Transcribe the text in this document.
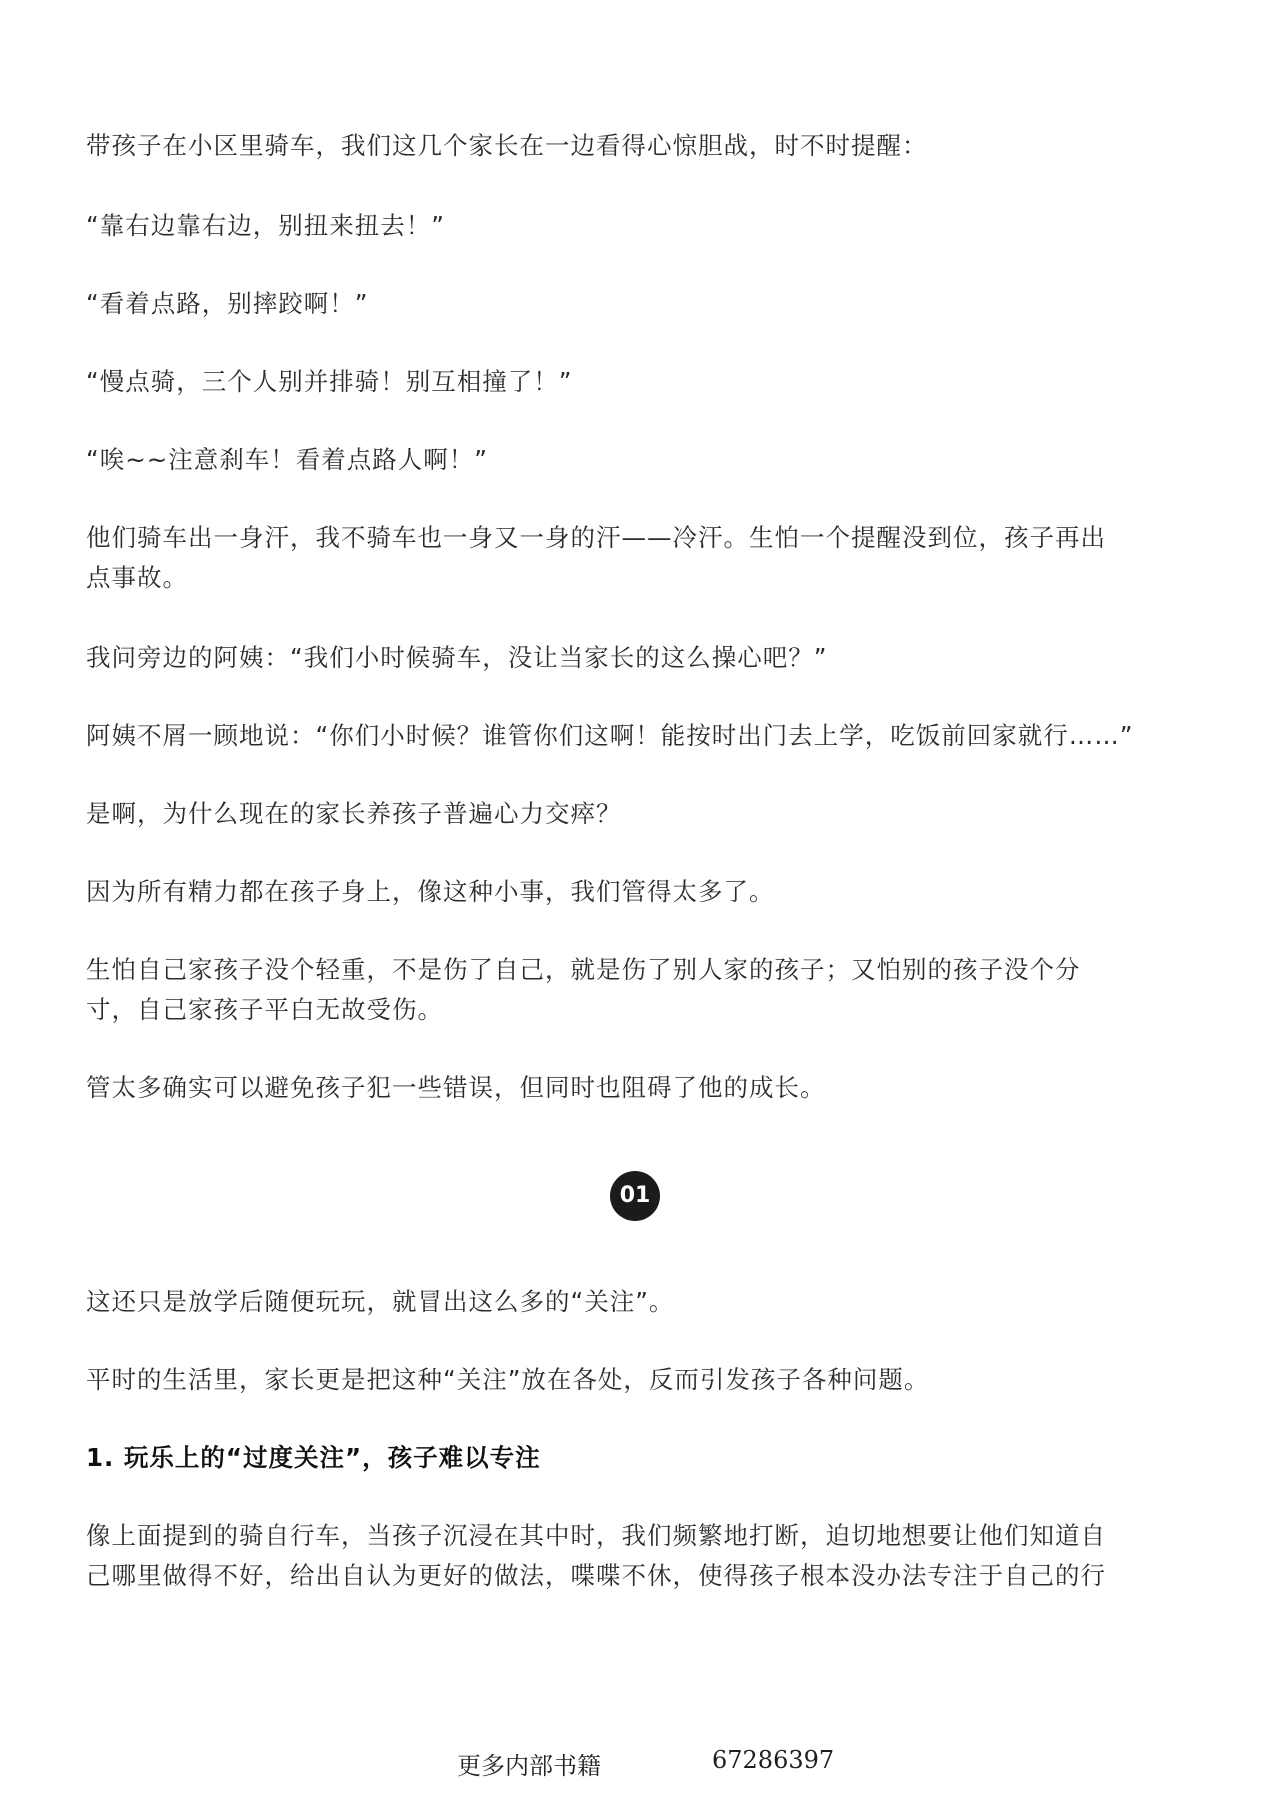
带孩子在小区里骑车，我们这几个家长在一边看得心惊胆战，时不时提醒：

“靠右边靠右边，别扭来扭去！”

“看着点路，别摔跤啊！”

“慢点骑，三个人别并排骑！别互相撞了！”

“唉~~注意刹车！看着点路人啊！”

他们骑车出一身汗，我不骑车也一身又一身的汗——冷汗。生怕一个提醒没到位，孩子再出

点事故。

我问旁边的阿姨：“我们小时候骑车，没让当家长的这么操心吧？”

阿姨不屑一顾地说：“你们小时候？谁管你们这啊！能按时出门去上学，吃饭前回家就行……”

是啊，为什么现在的家长养孩子普遍心力交瘁？

因为所有精力都在孩子身上，像这种小事，我们管得太多了。

生怕自己家孩子没个轻重，不是伤了自己，就是伤了别人家的孩子；又怕别的孩子没个分

寸，自己家孩子平白无故受伤。

管太多确实可以避免孩子犯一些错误，但同时也阻碍了他的成长。

这还只是放学后随便玩玩，就冒出这么多的“关注”。

平时的生活里，家长更是把这种“关注”放在各处，反而引发孩子各种问题。

1. 玩乐上的“过度关注”，孩子难以专注

像上面提到的骑自行车，当孩子沉浸在其中时，我们频繁地打断，迫切地想要让他们知道自

己哪里做得不好，给出自认为更好的做法，喋喋不休，使得孩子根本没办法专注于自己的行

01
更多内部书籍	67286397
